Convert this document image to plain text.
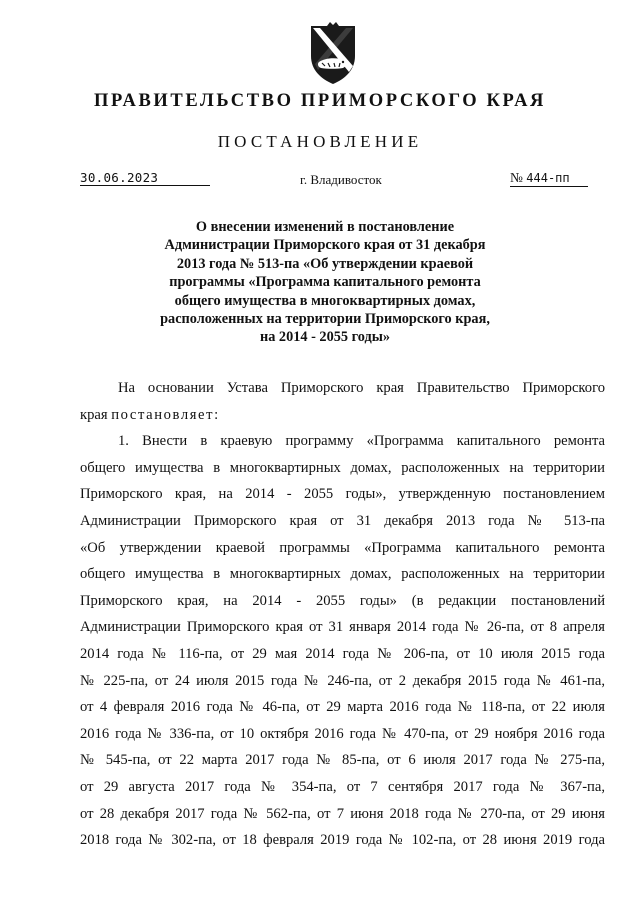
ПРАВИТЕЛЬСТВО ПРИМОРСКОГО КРАЯ
ПОСТАНОВЛЕНИЕ
30.06.2023	г. Владивосток	№ 444-пп
О внесении изменений в постановление
Администрации Приморского края от 31 декабря
2013 года № 513-па «Об утверждении краевой
программы «Программа капитального ремонта
общего имущества в многоквартирных домах,
расположенных на территории Приморского края,
на 2014 - 2055 годы»
На основании Устава Приморского края Правительство Приморского
края постановляет:
1. Внести в краевую программу «Программа капитального ремонта
общего имущества в многоквартирных домах, расположенных на территории
Приморского края, на 2014 - 2055 годы», утвержденную постановлением
Администрации Приморского края от 31 декабря 2013 года № 513-па
«Об утверждении краевой программы «Программа капитального ремонта
общего имущества в многоквартирных домах, расположенных на территории
Приморского края, на 2014 - 2055 годы» (в редакции постановлений
Администрации Приморского края от 31 января 2014 года № 26-па, от 8 апреля
2014 года № 116-па, от 29 мая 2014 года № 206-па, от 10 июля 2015 года
№ 225-па, от 24 июля 2015 года № 246-па, от 2 декабря 2015 года № 461-па,
от 4 февраля 2016 года № 46-па, от 29 марта 2016 года № 118-па, от 22 июля
2016 года № 336-па, от 10 октября 2016 года № 470-па, от 29 ноября 2016 года
№ 545-па, от 22 марта 2017 года № 85-па, от 6 июля 2017 года № 275-па,
от 29 августа 2017 года № 354-па, от 7 сентября 2017 года № 367-па,
от 28 декабря 2017 года № 562-па, от 7 июня 2018 года № 270-па, от 29 июня
2018 года № 302-па, от 18 февраля 2019 года № 102-па, от 28 июня 2019 года
